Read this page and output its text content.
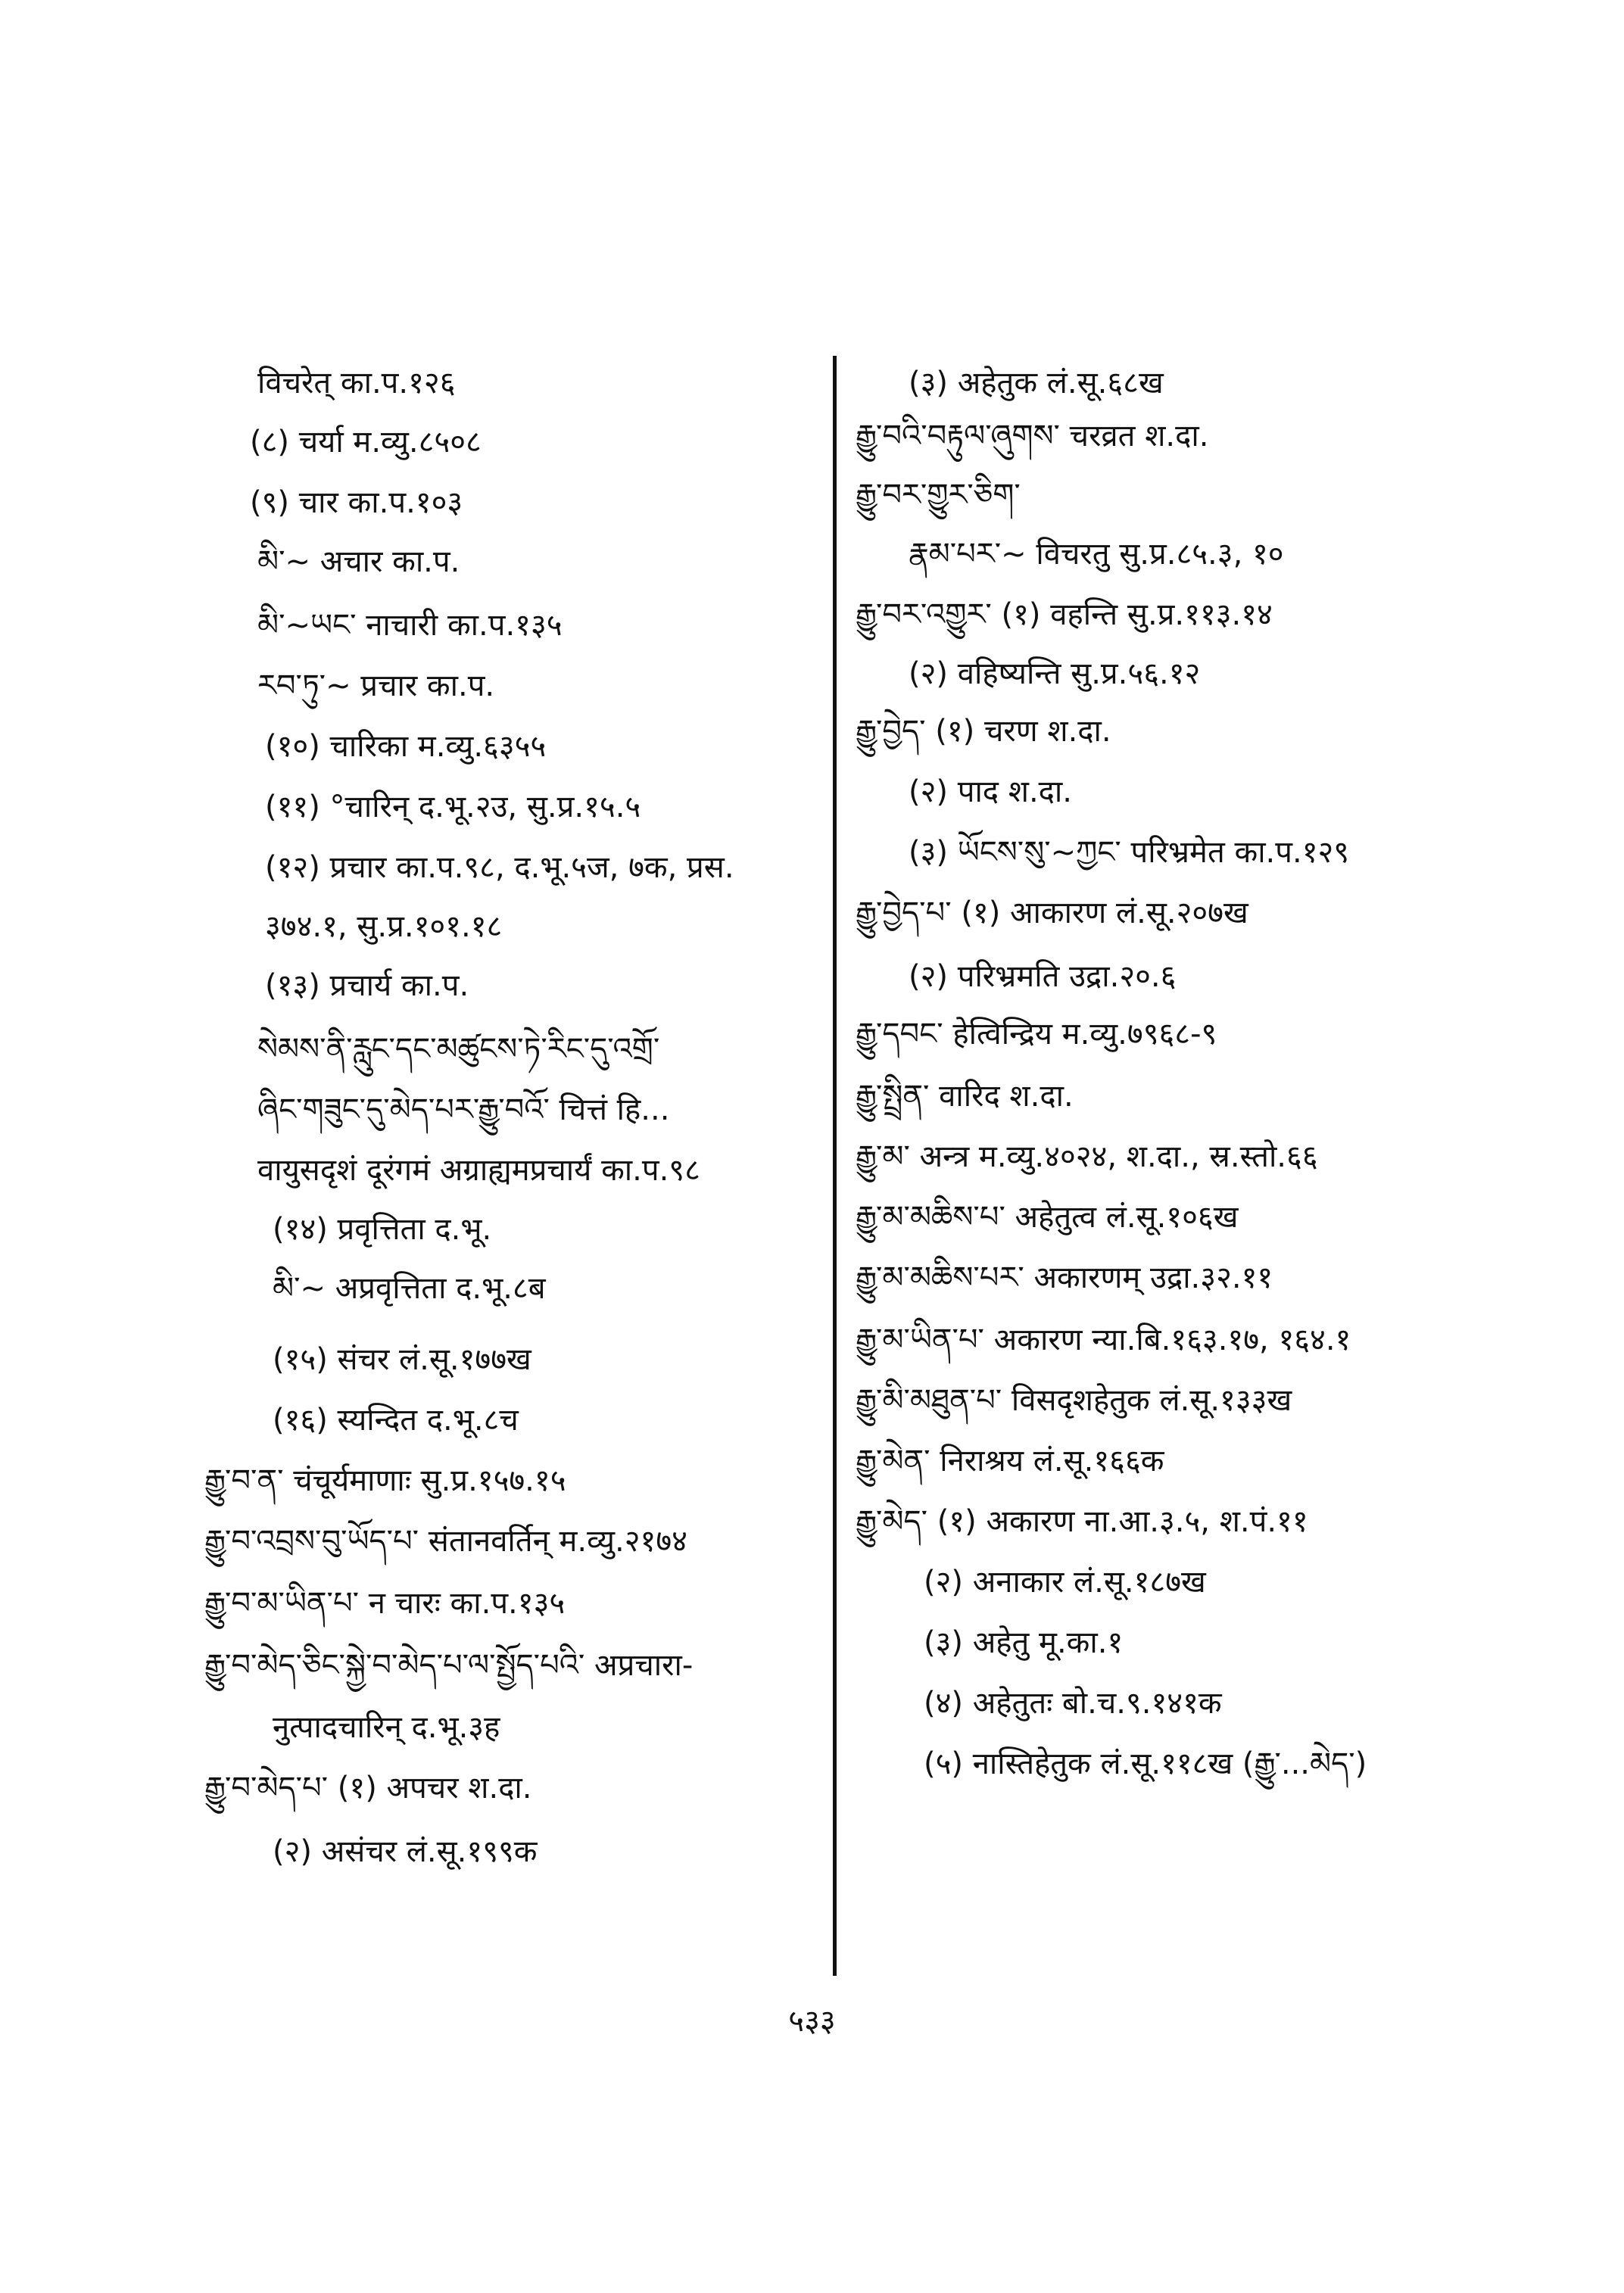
विचरेत् का.प.१२६
(८) चर्या म.व्यु.८५०८
(९) चार का.प.१०३
མི་~ अचार का.प.
མི་~ཡང་ नाचारी का.प.१३५
རབ་ཏུ་~ प्रचार का.प.
(१०) चारिका म.व्यु.६३५५
(११) °चारिन् द.भू.२उ, सु.प्र.१५.५
(१२) प्रचार का.प.९८, द.भू.५ज, ७क, प्रस.
३७४.१, सु.प्र.१०१.१८
(१३) प्रचार्य का.प.
སེམས་ནི་རླུང་དང་མཚུངས་ཏེ་རིང་དུ་འགྲོ་
ཞིང་གཟུང་དུ་མེད་པར་རྒྱུ་བའོ་ चित्तं हि...
वायुसदृशं दूरंगमं अग्राह्यमप्रचार्यं का.प.९८
(१४) प्रवृत्तिता द.भू.
མི་~ अप्रवृत्तिता द.भू.८ब
(१५) संचर लं.सू.१७७ख
(१६) स्यन्दित द.भू.८च
རྒྱུ་བ་ན་ चंचूर्यमाणाः सु.प्र.१५७.१५
རྒྱུ་བ་འབྲས་བུ་ཡོད་པ་ संतानवर्तिन् म.व्यु.२१७४
རྒྱུ་བ་མ་ཡིན་པ་ न चारः का.प.१३५
རྒྱུ་བ་མེད་ཅིང་སྐྱེ་བ་མེད་པ་ལ་སྤྱོད་པའི་ अप्रचारा-
नुत्पादचारिन् द.भू.३ह
རྒྱུ་བ་མེད་པ་ (१) अपचर श.दा.
(२) असंचर लं.सू.१९९क
(३) अहेतुक लं.सू.६८ख
རྒྱུ་བའི་བརྟུལ་ཞུགས་ चरव्रत श.दा.
རྒྱུ་བར་གྱུར་ཅིག་
རྣམ་པར་~ विचरतु सु.प्र.८५.३, १०
རྒྱུ་བར་འགྱུར་ (१) वहन्ति सु.प्र.११३.१४
(२) वहिष्यन्ति सु.प्र.५६.१२
རྒྱུ་བྱེད་ (१) चरण श.दा.
(२) पाद श.दा.
(३) ཡོངས་སུ་~ཀྱང་ परिभ्रमेत का.प.१२९
རྒྱུ་བྱེད་པ་ (१) आकारण लं.सू.२०७ख
(२) परिभ्रमति उद्रा.२०.६
རྒྱུ་དབང་ हेत्विन्द्रिय म.व्यु.७९६८-९
རྒྱུ་སྤྲིན་ वारिद श.दा.
རྒྱུ་མ་ अन्त्र म.व्यु.४०२४, श.दा., स्र.स्तो.६६
རྒྱུ་མ་མཆིས་པ་ अहेतुत्व लं.सू.१०६ख
རྒྱུ་མ་མཆིས་པར་ अकारणम् उद्रा.३२.११
རྒྱུ་མ་ཡིན་པ་ अकारण न्या.बि.१६३.१७, १६४.१
རྒྱུ་མི་མཐུན་པ་ विसदृशहेतुक लं.सू.१३३ख
རྒྱུ་མེན་ निराश्रय लं.सू.१६६क
རྒྱུ་མེད་ (१) अकारण ना.आ.३.५, श.पं.११
(२) अनाकार लं.सू.१८७ख
(३) अहेतु मू.का.१
(४) अहेतुतः बो.च.९.१४१क
(५) नास्तिहेतुक लं.सू.११८ख (རྒྱུ་...མེད་)
५३३
